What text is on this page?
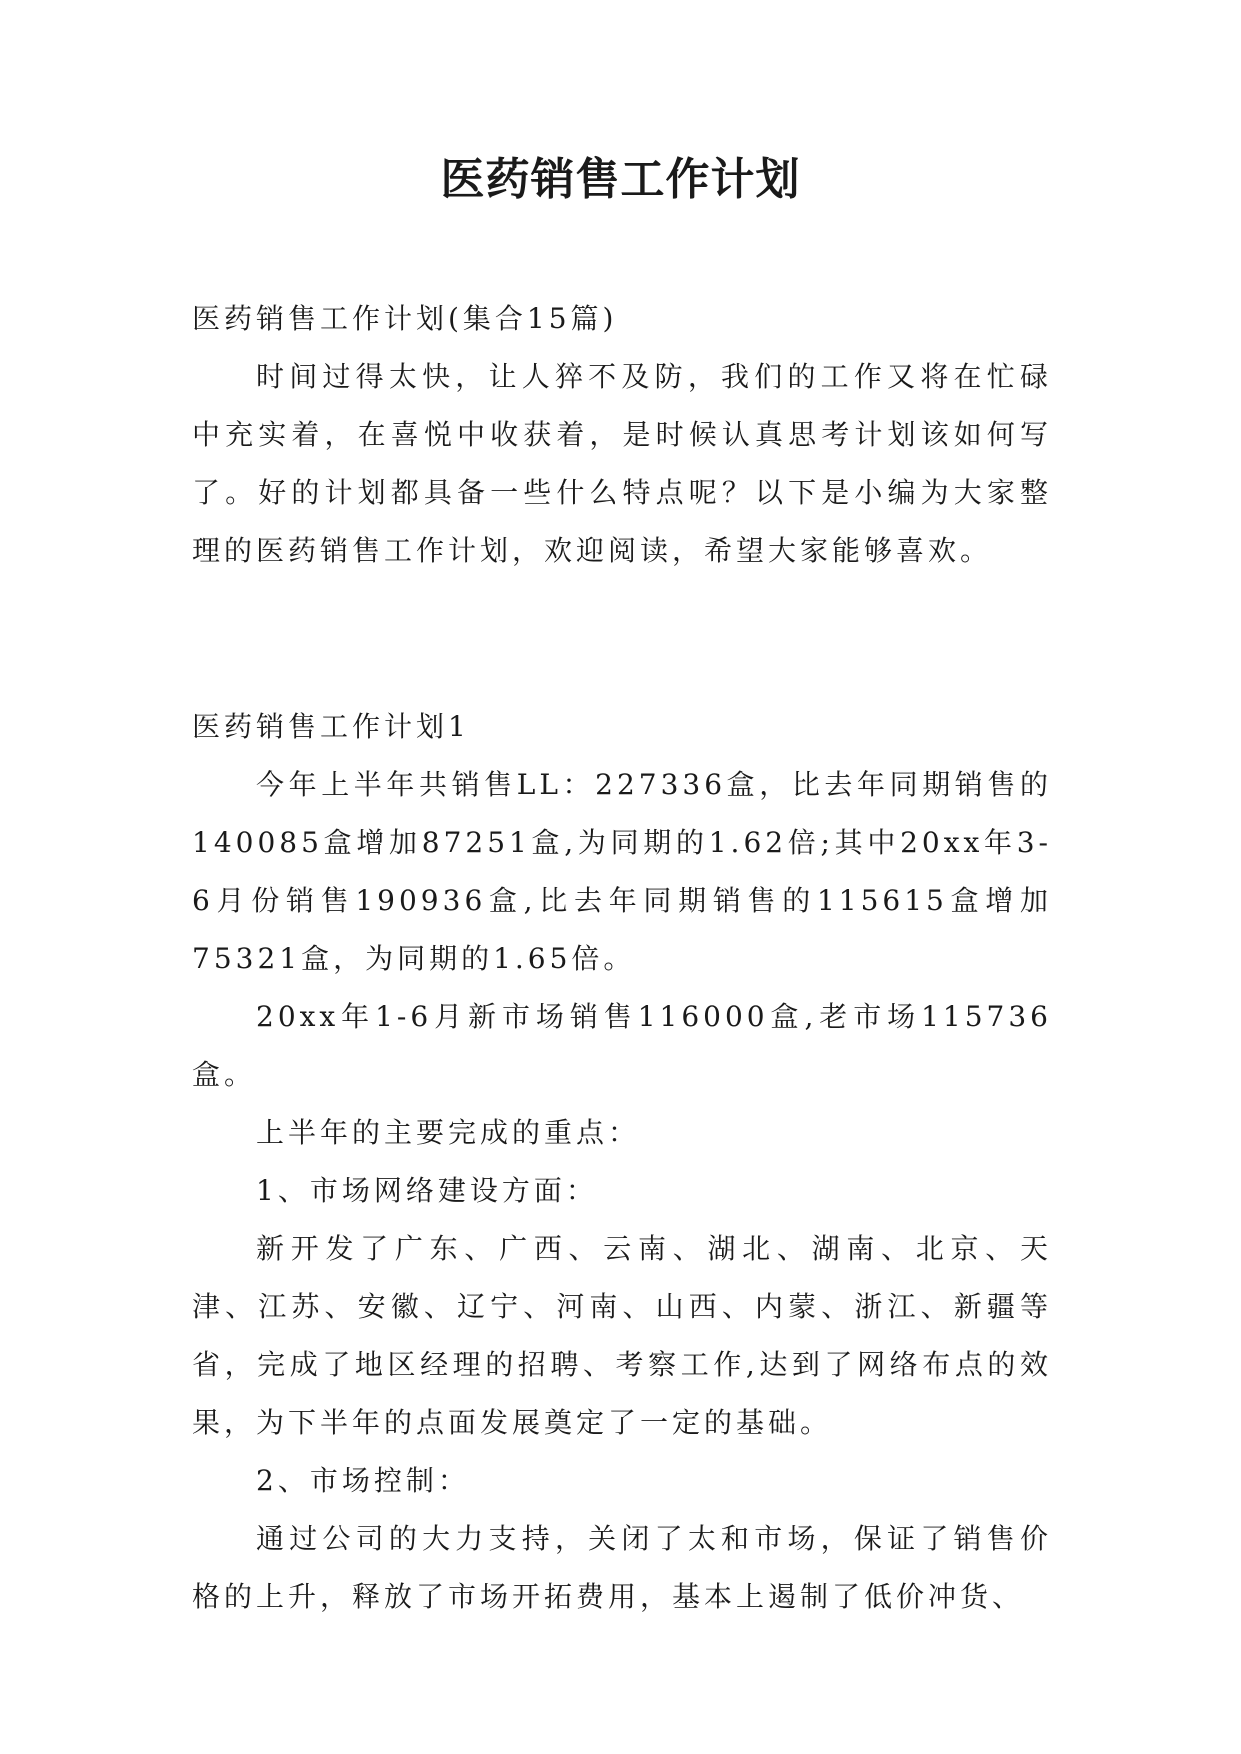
医药销售工作计划

医药销售工作计划(集合15篇)

时间过得太快，让人猝不及防，我们的工作又将在忙碌中充实着，在喜悦中收获着，是时候认真思考计划该如何写了。好的计划都具备一些什么特点呢？以下是小编为大家整理的医药销售工作计划，欢迎阅读，希望大家能够喜欢。

医药销售工作计划1

今年上半年共销售LL：227336盒，比去年同期销售的140085盒增加87251盒,为同期的1.62倍;其中20xx年3-6月份销售190936盒,比去年同期销售的115615盒增加75321盒，为同期的1.65倍。

20xx年1-6月新市场销售116000盒,老市场115736盒。

上半年的主要完成的重点：

1、市场网络建设方面：

新开发了广东、广西、云南、湖北、湖南、北京、天津、江苏、安徽、辽宁、河南、山西、内蒙、浙江、新疆等省，完成了地区经理的招聘、考察工作,达到了网络布点的效果，为下半年的点面发展奠定了一定的基础。

2、市场控制：

通过公司的大力支持，关闭了太和市场，保证了销售价格的上升，释放了市场开拓费用，基本上遏制了低价冲货、
